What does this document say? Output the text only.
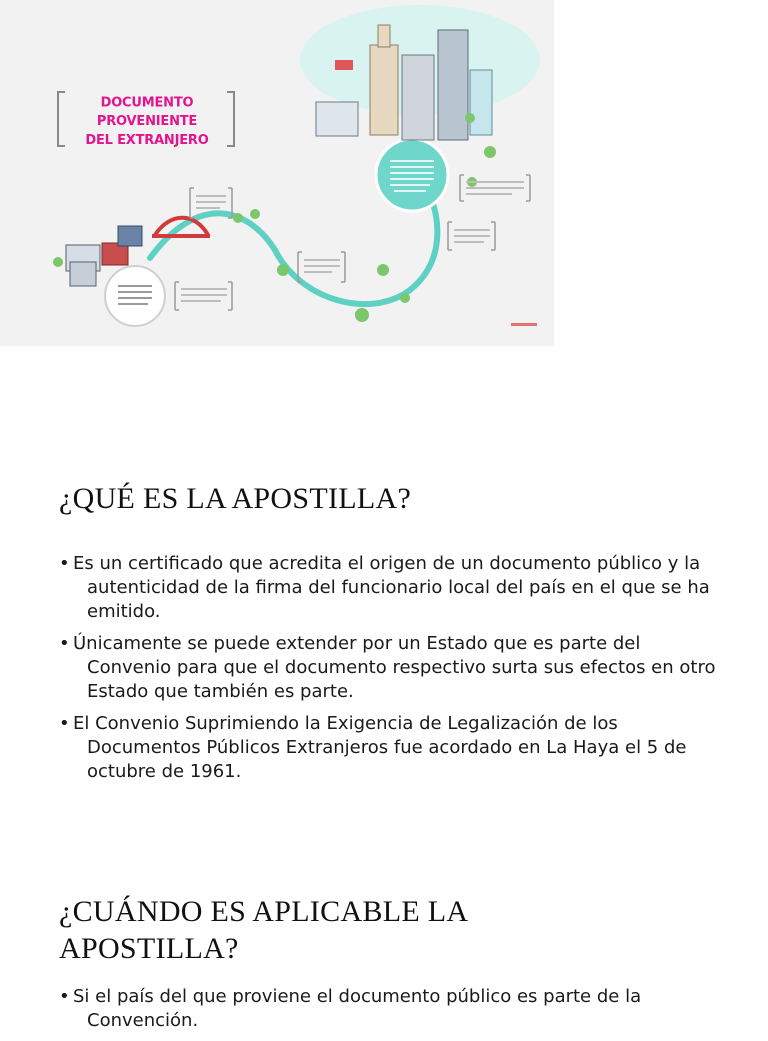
DOCUMENTO PROVENIENTE
DEL EXTRANJERO
¿QUÉ ES LA APOSTILLA?
• Es un certificado que acredita el origen de un documento público y la
autenticidad de la firma del funcionario local del país en el que se ha emitido.
• Únicamente se puede extender por un Estado que es parte del
Convenio para que el documento respectivo surta sus efectos en otro Estado que también es parte.
• El Convenio Suprimiendo la Exigencia de Legalización de los
Documentos Públicos Extranjeros fue acordado en La Haya el 5 de octubre de 1961.
¿CUÁNDO ES APLICABLE LA APOSTILLA?
• Si el país del que proviene el documento público es parte de la
Convención.
